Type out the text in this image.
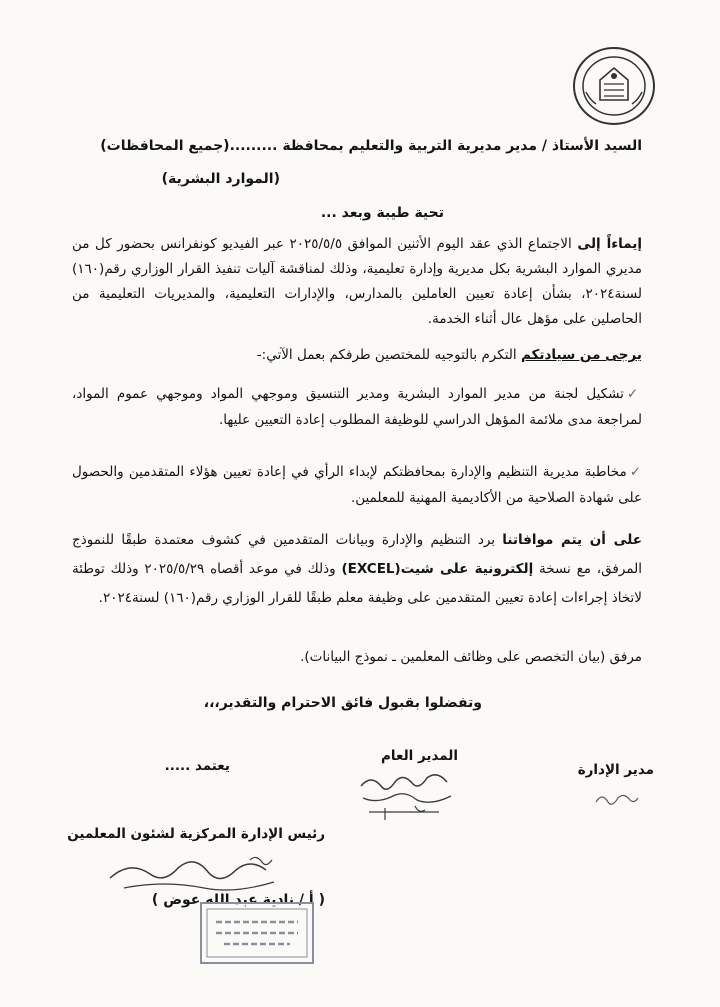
السيد الأستاذ / مدير مديرية التربية والتعليم بمحافظة .........(جميع المحافظات)
(الموارد البشرية)
تحية طيبة وبعد ...
إيماءاً إلى الاجتماع الذي عقد اليوم الأثنين الموافق ٢٠٢٥/٥/٥ عبر الفيديو كونفرانس بحضور كل من مديري الموارد البشرية بكل مديرية وإدارة تعليمية، وذلك لمناقشة آليات تنفيذ القرار الوزاري رقم(١٦٠) لسنة٢٠٢٤، بشأن إعادة تعيين العاملين بالمدارس، والإدارات التعليمية، والمديريات التعليمية من الحاصلين على مؤهل عال أثناء الخدمة.
يرجى من سيادتكم التكرم بالتوجيه للمختصين طرفكم بعمل الآتي:-
✓تشكيل لجنة من مدير الموارد البشرية ومدير التنسيق وموجهي المواد وموجهي عموم المواد، لمراجعة مدى ملائمة المؤهل الدراسي للوظيفة المطلوب إعادة التعيين عليها.
✓مخاطبة مديرية التنظيم والإدارة بمحافظتكم لإبداء الرأي في إعادة تعيين هؤلاء المتقدمين والحصول على شهادة الصلاحية من الأكاديمية المهنية للمعلمين.
على أن يتم موافاتنا برد التنظيم والإدارة وبيانات المتقدمين في كشوف معتمدة طبقًا للنموذج المرفق، مع نسخة إلكترونية على شيت(EXCEL) وذلك في موعد أقصاه ٢٠٢٥/٥/٢٩ وذلك توطئة لاتخاذ إجراءات إعادة تعيين المتقدمين على وظيفة معلم طبقًا للقرار الوزاري رقم(١٦٠) لسنة٢٠٢٤.
مرفق (بيان التخصص على وظائف المعلمين ـ نموذج البيانات).
وتفضلوا بقبول فائق الاحترام والتقدير،،،
يعتمد .....
المدير العام
مدير الإدارة
رئيس الإدارة المركزية لشئون المعلمين
( أ / نادية عبد الله عوض )
